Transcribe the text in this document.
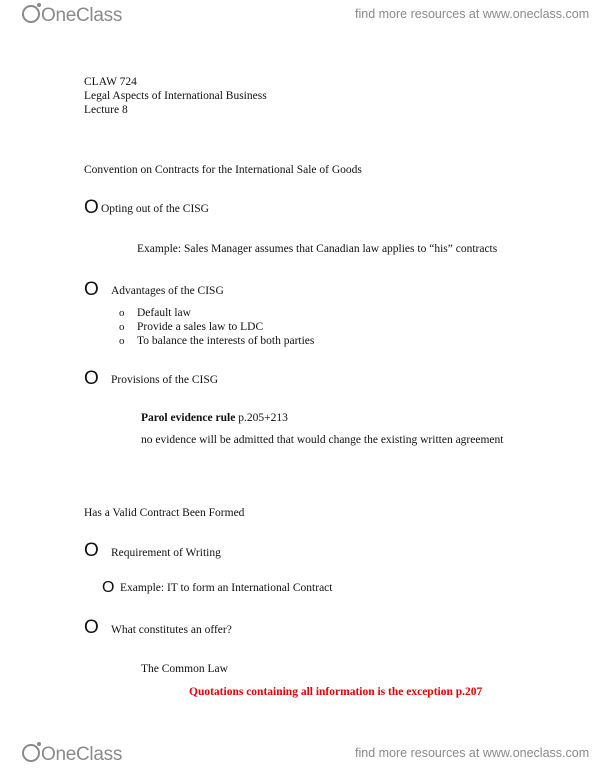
OneClass	find more resources at www.oneclass.com
CLAW 724
Legal Aspects of International Business
Lecture 8
Convention on Contracts for the International Sale of Goods
O Opting out of the CISG
Example: Sales Manager assumes that Canadian law applies to “his” contracts
O Advantages of the CISG
o Default law
o Provide a sales law to LDC
o To balance the interests of both parties
O Provisions of the CISG
Parol evidence rule p.205+213
no evidence will be admitted that would change the existing written agreement
Has a Valid Contract Been Formed
O Requirement of Writing
O Example: IT to form an International Contract
O What constitutes an offer?
The Common Law
Quotations containing all information is the exception p.207
OneClass	find more resources at www.oneclass.com
